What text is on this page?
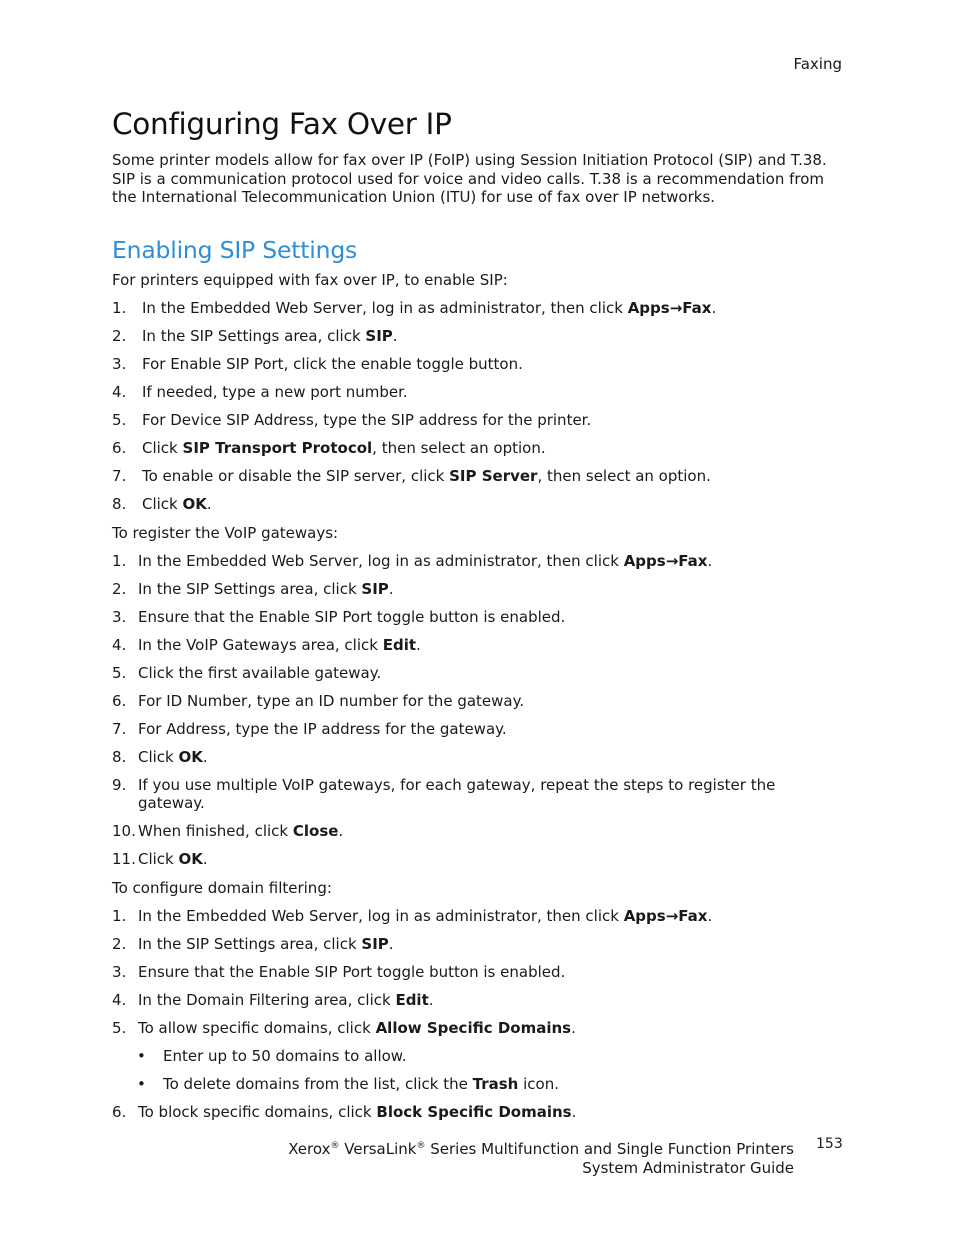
Faxing
Configuring Fax Over IP

Some printer models allow for fax over IP (FoIP) using Session Initiation Protocol (SIP) and T.38. SIP is a communication protocol used for voice and video calls. T.38 is a recommendation from the International Telecommunication Union (ITU) for use of fax over IP networks.

Enabling SIP Settings

For printers equipped with fax over IP, to enable SIP:

1.	In the Embedded Web Server, log in as administrator, then click Apps→Fax.
2.	In the SIP Settings area, click SIP.
3.	For Enable SIP Port, click the enable toggle button.
4.	If needed, type a new port number.
5.	For Device SIP Address, type the SIP address for the printer.
6.	Click SIP Transport Protocol, then select an option.
7.	To enable or disable the SIP server, click SIP Server, then select an option.
8.	Click OK.

To register the VoIP gateways:

1. In the Embedded Web Server, log in as administrator, then click Apps→Fax.
2. In the SIP Settings area, click SIP.
3. Ensure that the Enable SIP Port toggle button is enabled.
4. In the VoIP Gateways area, click Edit.
5. Click the first available gateway.
6. For ID Number, type an ID number for the gateway.
7. For Address, type the IP address for the gateway.
8. Click OK.
9. If you use multiple VoIP gateways, for each gateway, repeat the steps to register the gateway.
10. When finished, click Close.
11. Click OK.

To configure domain filtering:

1. In the Embedded Web Server, log in as administrator, then click Apps→Fax.
2. In the SIP Settings area, click SIP.
3. Ensure that the Enable SIP Port toggle button is enabled.
4. In the Domain Filtering area, click Edit.
5. To allow specific domains, click Allow Specific Domains.
•	Enter up to 50 domains to allow.
•	To delete domains from the list, click the Trash icon.
6. To block specific domains, click Block Specific Domains.
Xerox® VersaLink® Series Multifunction and Single Function Printers
System Administrator Guide
153
